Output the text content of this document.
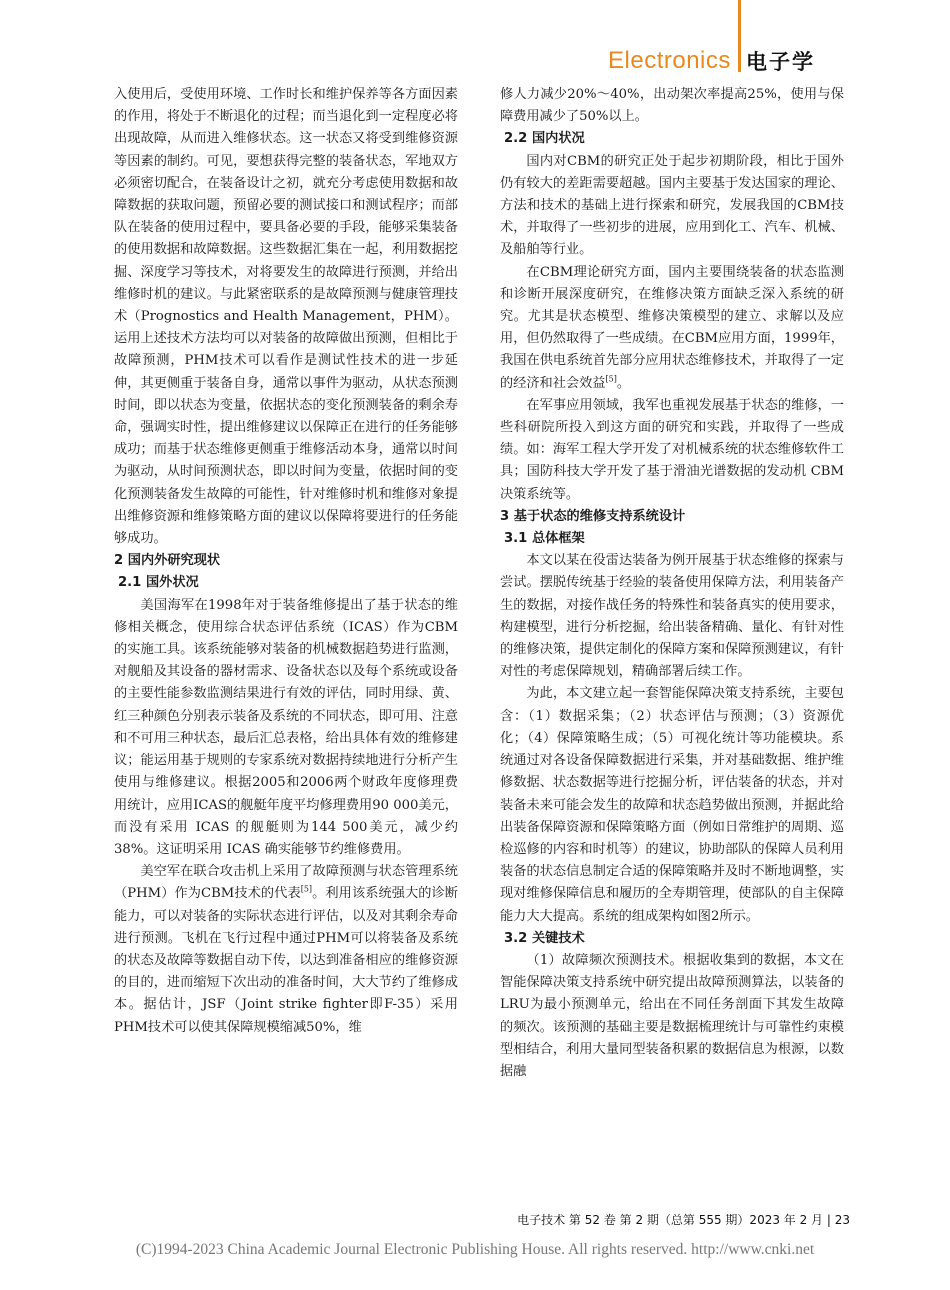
Electronics 电子学

入使用后，受使用环境、工作时长和维护保养等各方面因素的作用，将处于不断退化的过程；而当退化到一定程度必将出现故障，从而进入维修状态。这一状态又将受到维修资源等因素的制约。可见，要想获得完整的装备状态，军地双方必须密切配合，在装备设计之初，就充分考虑使用数据和故障数据的获取问题，预留必要的测试接口和测试程序；而部队在装备的使用过程中，要具备必要的手段，能够采集装备的使用数据和故障数据。这些数据汇集在一起，利用数据挖掘、深度学习等技术，对将要发生的故障进行预测，并给出维修时机的建议。与此紧密联系的是故障预测与健康管理技术（Prognostics and Health Management，PHM）。运用上述技术方法均可以对装备的故障做出预测，但相比于故障预测，PHM技术可以看作是测试性技术的进一步延伸，其更侧重于装备自身，通常以事件为驱动，从状态预测时间，即以状态为变量，依据状态的变化预测装备的剩余寿命，强调实时性，提出维修建议以保障正在进行的任务能够成功；而基于状态维修更侧重于维修活动本身，通常以时间为驱动，从时间预测状态，即以时间为变量，依据时间的变化预测装备发生故障的可能性，针对维修时机和维修对象提出维修资源和维修策略方面的建议以保障将要进行的任务能够成功。

2 国内外研究现状
2.1 国外状况

美国海军在1998年对于装备维修提出了基于状态的维修相关概念，使用综合状态评估系统（ICAS）作为CBM的实施工具。该系统能够对装备的机械数据趋势进行监测，对舰船及其设备的器材需求、设备状态以及每个系统或设备的主要性能参数监测结果进行有效的评估，同时用绿、黄、红三种颜色分别表示装备及系统的不同状态，即可用、注意和不可用三种状态，最后汇总表格，给出具体有效的维修建议；能运用基于规则的专家系统对数据持续地进行分析产生使用与维修建议。根据2005和2006两个财政年度修理费用统计，应用ICAS的舰艇年度平均修理费用90 000美元，而没有采用 ICAS 的舰艇则为144 500美元，减少约38%。这证明采用 ICAS 确实能够节约维修费用。

美空军在联合攻击机上采用了故障预测与状态管理系统（PHM）作为CBM技术的代表[5]。利用该系统强大的诊断能力，可以对装备的实际状态进行评估，以及对其剩余寿命进行预测。飞机在飞行过程中通过PHM可以将装备及系统的状态及故障等数据自动下传，以达到准备相应的维修资源的目的，进而缩短下次出动的准备时间，大大节约了维修成本。据估计，JSF（Joint strike fighter即F-35）采用PHM技术可以使其保障规模缩减50%，维

修人力减少20%～40%，出动架次率提高25%，使用与保障费用减少了50%以上。

2.2 国内状况

国内对CBM的研究正处于起步初期阶段，相比于国外仍有较大的差距需要超越。国内主要基于发达国家的理论、方法和技术的基础上进行探索和研究，发展我国的CBM技术，并取得了一些初步的进展，应用到化工、汽车、机械、及船舶等行业。

在CBM理论研究方面，国内主要围绕装备的状态监测和诊断开展深度研究，在维修决策方面缺乏深入系统的研究。尤其是状态模型、维修决策模型的建立、求解以及应用，但仍然取得了一些成绩。在CBM应用方面，1999年，我国在供电系统首先部分应用状态维修技术，并取得了一定的经济和社会效益[5]。

在军事应用领域，我军也重视发展基于状态的维修，一些科研院所投入到这方面的研究和实践，并取得了一些成绩。如：海军工程大学开发了对机械系统的状态维修软件工具；国防科技大学开发了基于滑油光谱数据的发动机 CBM 决策系统等。

3 基于状态的维修支持系统设计
3.1 总体框架

本文以某在役雷达装备为例开展基于状态维修的探索与尝试。摆脱传统基于经验的装备使用保障方法，利用装备产生的数据，对接作战任务的特殊性和装备真实的使用要求，构建模型，进行分析挖掘，给出装备精确、量化、有针对性的维修决策，提供定制化的保障方案和保障预测建议，有针对性的考虑保障规划，精确部署后续工作。

为此，本文建立起一套智能保障决策支持系统，主要包含：（1）数据采集；（2）状态评估与预测；（3）资源优化；（4）保障策略生成；（5）可视化统计等功能模块。系统通过对各设备保障数据进行采集，并对基础数据、维护维修数据、状态数据等进行挖掘分析，评估装备的状态，并对装备未来可能会发生的故障和状态趋势做出预测，并据此给出装备保障资源和保障策略方面（例如日常维护的周期、巡检巡修的内容和时机等）的建议，协助部队的保障人员利用装备的状态信息制定合适的保障策略并及时不断地调整，实现对维修保障信息和履历的全寿期管理，使部队的自主保障能力大大提高。系统的组成架构如图2所示。

3.2 关键技术

（1）故障频次预测技术。根据收集到的数据，本文在智能保障决策支持系统中研究提出故障预测算法，以装备的LRU为最小预测单元，给出在不同任务剖面下其发生故障的频次。该预测的基础主要是数据梳理统计与可靠性约束模型相结合，利用大量同型装备积累的数据信息为根源，以数据融

电子技术 第 52 卷 第 2 期（总第 555 期）2023 年 2 月 | 23
(C)1994-2023 China Academic Journal Electronic Publishing House. All rights reserved. http://www.cnki.net
